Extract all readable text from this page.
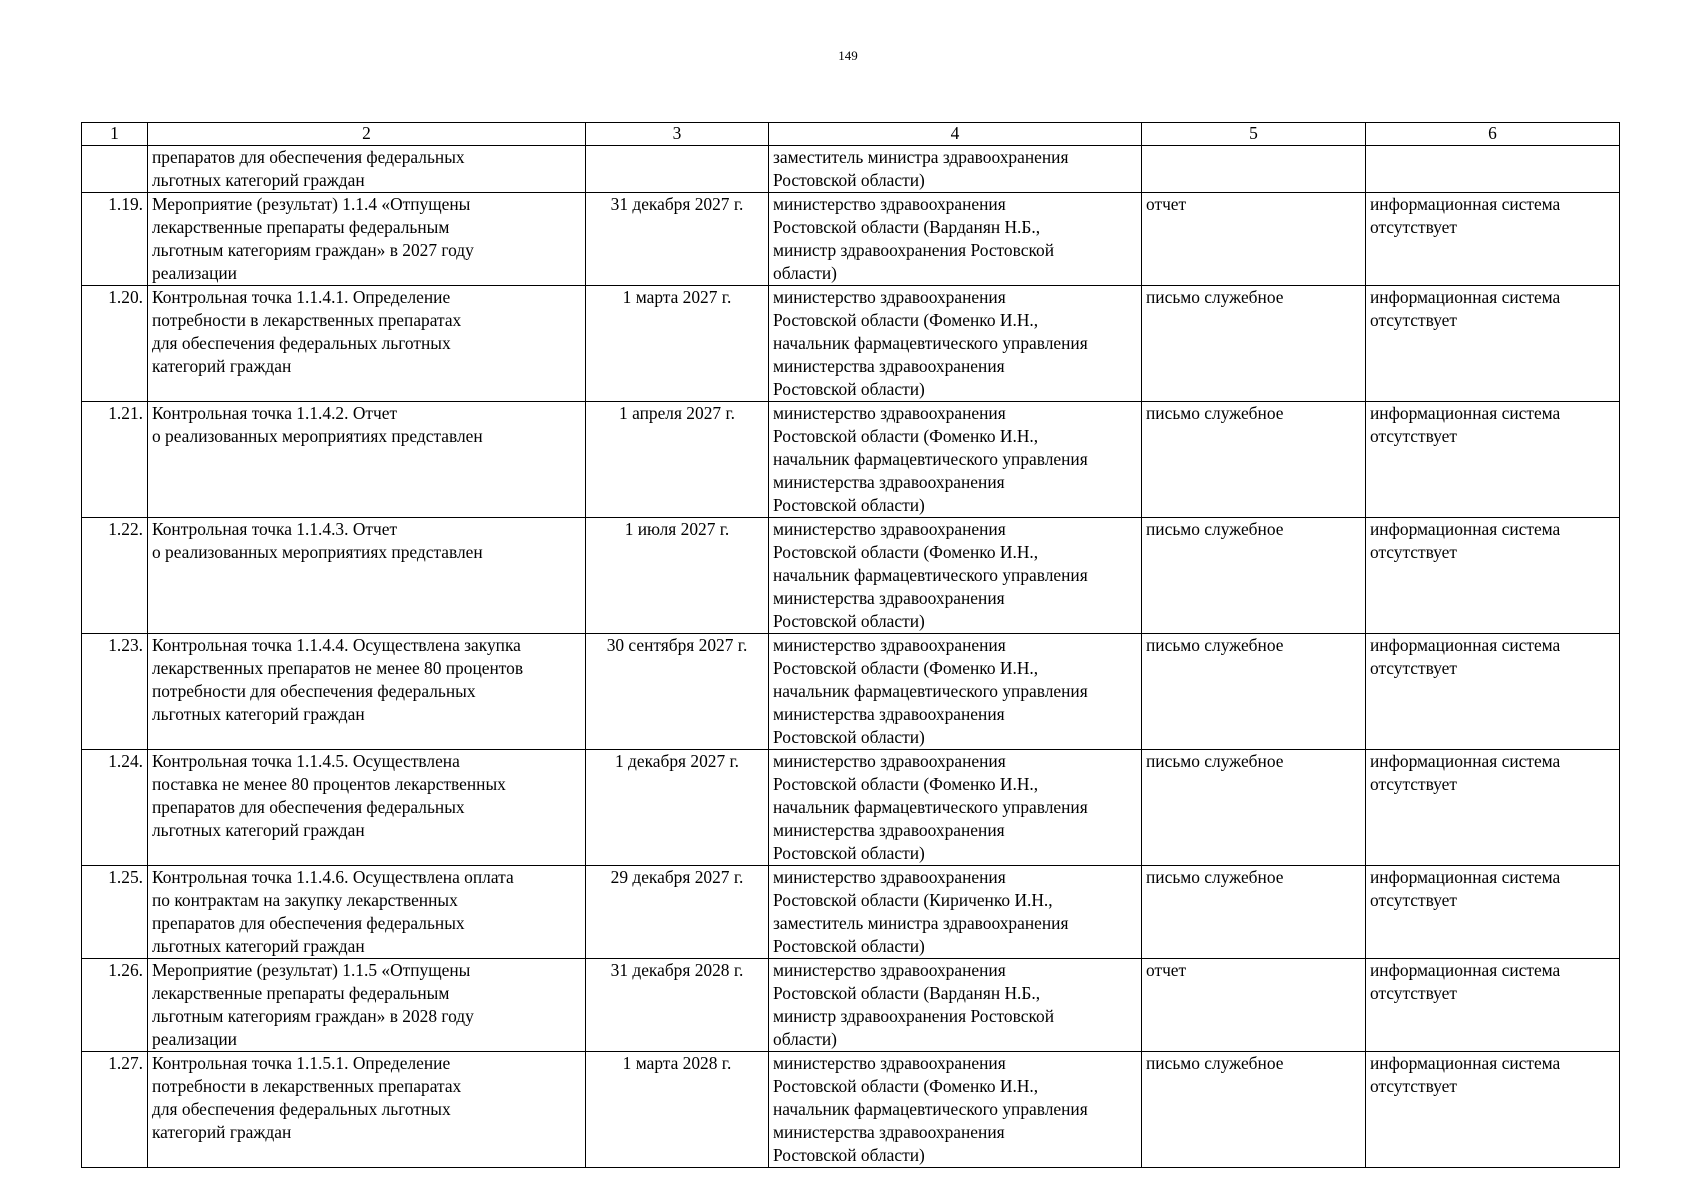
149
1	2	3	4	5	6
	препаратов для обеспечения федеральных
льготных категорий граждан		заместитель министра здравоохранения
Ростовской области)		
1.19.	Мероприятие (результат) 1.1.4 «Отпущены
лекарственные препараты федеральным
льготным категориям граждан» в 2027 году
реализации	31 декабря 2027 г.	министерство здравоохранения
Ростовской области (Варданян Н.Б.,
министр здравоохранения Ростовской
области)	отчет	информационная система
отсутствует
1.20.	Контрольная точка 1.1.4.1. Определение
потребности в лекарственных препаратах
для обеспечения федеральных льготных
категорий граждан	1 марта 2027 г.	министерство здравоохранения
Ростовской области (Фоменко И.Н.,
начальник фармацевтического управления
министерства здравоохранения
Ростовской области)	письмо служебное	информационная система
отсутствует
1.21.	Контрольная точка 1.1.4.2. Отчет
о реализованных мероприятиях представлен	1 апреля 2027 г.	министерство здравоохранения
Ростовской области (Фоменко И.Н.,
начальник фармацевтического управления
министерства здравоохранения
Ростовской области)	письмо служебное	информационная система
отсутствует
1.22.	Контрольная точка 1.1.4.3. Отчет
о реализованных мероприятиях представлен	1 июля 2027 г.	министерство здравоохранения
Ростовской области (Фоменко И.Н.,
начальник фармацевтического управления
министерства здравоохранения
Ростовской области)	письмо служебное	информационная система
отсутствует
1.23.	Контрольная точка 1.1.4.4. Осуществлена закупка
лекарственных препаратов не менее 80 процентов
потребности для обеспечения федеральных
льготных категорий граждан	30 сентября 2027 г.	министерство здравоохранения
Ростовской области (Фоменко И.Н.,
начальник фармацевтического управления
министерства здравоохранения
Ростовской области)	письмо служебное	информационная система
отсутствует
1.24.	Контрольная точка 1.1.4.5. Осуществлена
поставка не менее 80 процентов лекарственных
препаратов для обеспечения федеральных
льготных категорий граждан	1 декабря 2027 г.	министерство здравоохранения
Ростовской области (Фоменко И.Н.,
начальник фармацевтического управления
министерства здравоохранения
Ростовской области)	письмо служебное	информационная система
отсутствует
1.25.	Контрольная точка 1.1.4.6. Осуществлена оплата
по контрактам на закупку лекарственных
препаратов для обеспечения федеральных
льготных категорий граждан	29 декабря 2027 г.	министерство здравоохранения
Ростовской области (Кириченко И.Н.,
заместитель министра здравоохранения
Ростовской области)	письмо служебное	информационная система
отсутствует
1.26.	Мероприятие (результат) 1.1.5 «Отпущены
лекарственные препараты федеральным
льготным категориям граждан» в 2028 году
реализации	31 декабря 2028 г.	министерство здравоохранения
Ростовской области (Варданян Н.Б.,
министр здравоохранения Ростовской
области)	отчет	информационная система
отсутствует
1.27.	Контрольная точка 1.1.5.1. Определение
потребности в лекарственных препаратах
для обеспечения федеральных льготных
категорий граждан	1 марта 2028 г.	министерство здравоохранения
Ростовской области (Фоменко И.Н.,
начальник фармацевтического управления
министерства здравоохранения
Ростовской области)	письмо служебное	информационная система
отсутствует
